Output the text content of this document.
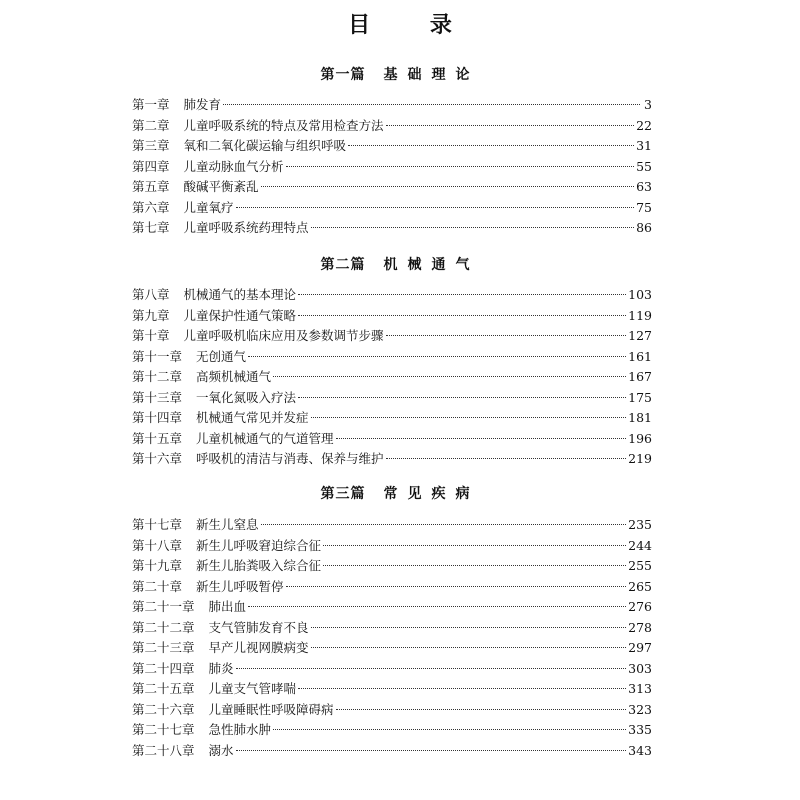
目 录
第一篇 基础理论
第一章 肺发育	3
第二章 儿童呼吸系统的特点及常用检查方法	22
第三章 氧和二氧化碳运输与组织呼吸	31
第四章 儿童动脉血气分析	55
第五章 酸碱平衡紊乱	63
第六章 儿童氧疗	75
第七章 儿童呼吸系统药理特点	86
第二篇 机械通气
第八章 机械通气的基本理论	103
第九章 儿童保护性通气策略	119
第十章 儿童呼吸机临床应用及参数调节步骤	127
第十一章 无创通气	161
第十二章 高频机械通气	167
第十三章 一氧化氮吸入疗法	175
第十四章 机械通气常见并发症	181
第十五章 儿童机械通气的气道管理	196
第十六章 呼吸机的清洁与消毒、保养与维护	219
第三篇 常见疾病
第十七章 新生儿窒息	235
第十八章 新生儿呼吸窘迫综合征	244
第十九章 新生儿胎粪吸入综合征	255
第二十章 新生儿呼吸暂停	265
第二十一章 肺出血	276
第二十二章 支气管肺发育不良	278
第二十三章 早产儿视网膜病变	297
第二十四章 肺炎	303
第二十五章 儿童支气管哮喘	313
第二十六章 儿童睡眠性呼吸障碍病	323
第二十七章 急性肺水肿	335
第二十八章 溺水	343
